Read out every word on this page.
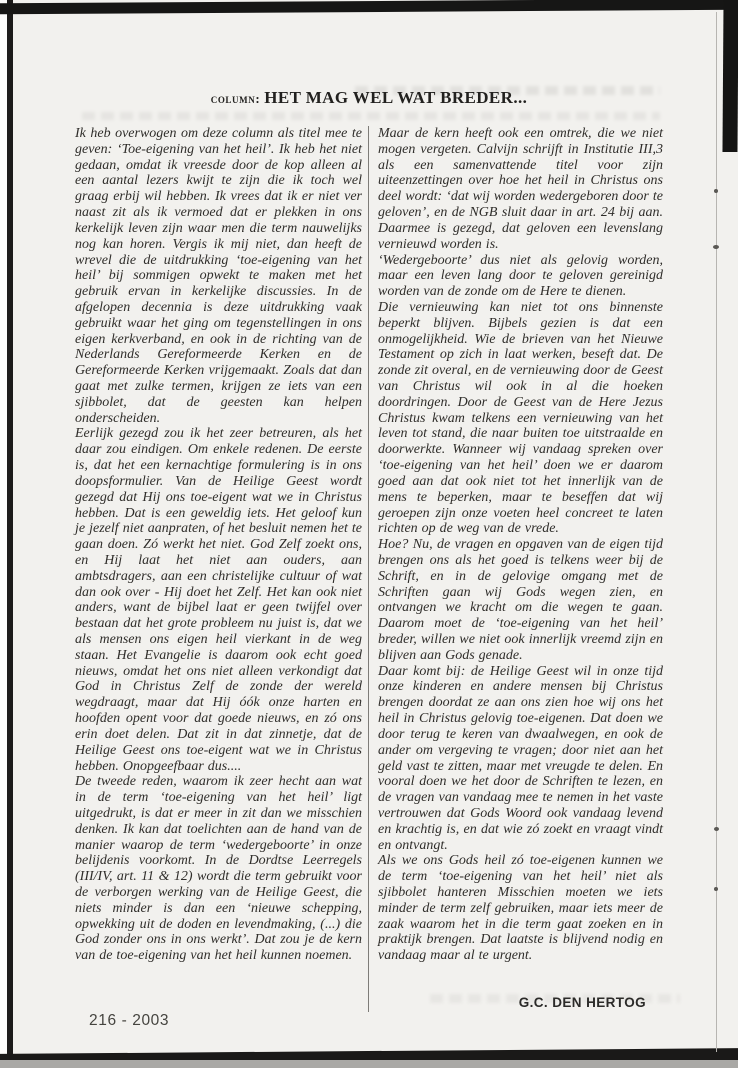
column: HET MAG WEL WAT BREDER...

Ik heb overwogen om deze column als titel mee te geven: ‘Toe-eigening van het heil’. Ik heb het niet gedaan, omdat ik vreesde door de kop alleen al een aantal lezers kwijt te zijn die ik toch wel graag erbij wil hebben. Ik vrees dat ik er niet ver naast zit als ik vermoed dat er plekken in ons kerkelijk leven zijn waar men die term nauwelijks nog kan horen. Vergis ik mij niet, dan heeft de wrevel die de uitdrukking ‘toe-eigening van het heil’ bij sommigen opwekt te maken met het gebruik ervan in kerkelijke discussies. In de afgelopen decennia is deze uitdrukking vaak gebruikt waar het ging om tegenstellingen in ons eigen kerkverband, en ook in de richting van de Nederlands Gereformeerde Kerken en de Gereformeerde Kerken vrijgemaakt. Zoals dat dan gaat met zulke termen, krijgen ze iets van een sjibbolet, dat de geesten kan helpen onderscheiden.

Eerlijk gezegd zou ik het zeer betreuren, als het daar zou eindigen. Om enkele redenen. De eerste is, dat het een kernachtige formulering is in ons doopsformulier. Van de Heilige Geest wordt gezegd dat Hij ons toe-eigent wat we in Christus hebben. Dat is een geweldig iets. Het geloof kun je jezelf niet aanpraten, of het besluit nemen het te gaan doen. Zó werkt het niet. God Zelf zoekt ons, en Hij laat het niet aan ouders, aan ambtsdragers, aan een christelijke cultuur of wat dan ook over - Hij doet het Zelf. Het kan ook niet anders, want de bijbel laat er geen twijfel over bestaan dat het grote probleem nu juist is, dat we als mensen ons eigen heil vierkant in de weg staan. Het Evangelie is daarom ook echt goed nieuws, omdat het ons niet alleen verkondigt dat God in Christus Zelf de zonde der wereld wegdraagt, maar dat Hij óók onze harten en hoofden opent voor dat goede nieuws, en zó ons erin doet delen. Dat zit in dat zinnetje, dat de Heilige Geest ons toe-eigent wat we in Christus hebben. Onopgeefbaar dus....

De tweede reden, waarom ik zeer hecht aan wat in de term ‘toe-eigening van het heil’ ligt uitgedrukt, is dat er meer in zit dan we misschien denken. Ik kan dat toelichten aan de hand van de manier waarop de term ‘wedergeboorte’ in onze belijdenis voorkomt. In de Dordtse Leerregels (III/IV, art. 11 & 12) wordt die term gebruikt voor de verborgen werking van de Heilige Geest, die niets minder is dan een ‘nieuwe schepping, opwekking uit de doden en levendmaking, (...) die God zonder ons in ons werkt’. Dat zou je de kern van de toe-eigening van het heil kunnen noemen.

Maar de kern heeft ook een omtrek, die we niet mogen vergeten. Calvijn schrijft in Institutie III,3 als een samenvattende titel voor zijn uiteenzettingen over hoe het heil in Christus ons deel wordt: ‘dat wij worden wedergeboren door te geloven’, en de NGB sluit daar in art. 24 bij aan. Daarmee is gezegd, dat geloven een levenslang vernieuwd worden is.

‘Wedergeboorte’ dus niet als gelovig worden, maar een leven lang door te geloven gereinigd worden van de zonde om de Here te dienen.

Die vernieuwing kan niet tot ons binnenste beperkt blijven. Bijbels gezien is dat een onmogelijkheid. Wie de brieven van het Nieuwe Testament op zich in laat werken, beseft dat. De zonde zit overal, en de vernieuwing door de Geest van Christus wil ook in al die hoeken doordringen. Door de Geest van de Here Jezus Christus kwam telkens een vernieuwing van het leven tot stand, die naar buiten toe uitstraalde en doorwerkte. Wanneer wij vandaag spreken over ‘toe-eigening van het heil’ doen we er daarom goed aan dat ook niet tot het innerlijk van de mens te beperken, maar te beseffen dat wij geroepen zijn onze voeten heel concreet te laten richten op de weg van de vrede.

Hoe? Nu, de vragen en opgaven van de eigen tijd brengen ons als het goed is telkens weer bij de Schrift, en in de gelovige omgang met de Schriften gaan wij Gods wegen zien, en ontvangen we kracht om die wegen te gaan. Daarom moet de ‘toe-eigening van het heil’ breder, willen we niet ook innerlijk vreemd zijn en blijven aan Gods genade.

Daar komt bij: de Heilige Geest wil in onze tijd onze kinderen en andere mensen bij Christus brengen doordat ze aan ons zien hoe wij ons het heil in Christus gelovig toe-eigenen. Dat doen we door terug te keren van dwaalwegen, en ook de ander om vergeving te vragen; door niet aan het geld vast te zitten, maar met vreugde te delen. En vooral doen we het door de Schriften te lezen, en de vragen van vandaag mee te nemen in het vaste vertrouwen dat Gods Woord ook vandaag levend en krachtig is, en dat wie zó zoekt en vraagt vindt en ontvangt.

Als we ons Gods heil zó toe-eigenen kunnen we de term ‘toe-eigening van het heil’ niet als sjibbolet hanteren Misschien moeten we iets minder de term zelf gebruiken, maar iets meer de zaak waarom het in die term gaat zoeken en in praktijk brengen. Dat laatste is blijvend nodig en vandaag maar al te urgent.

G.C. DEN HERTOG
216 - 2003
